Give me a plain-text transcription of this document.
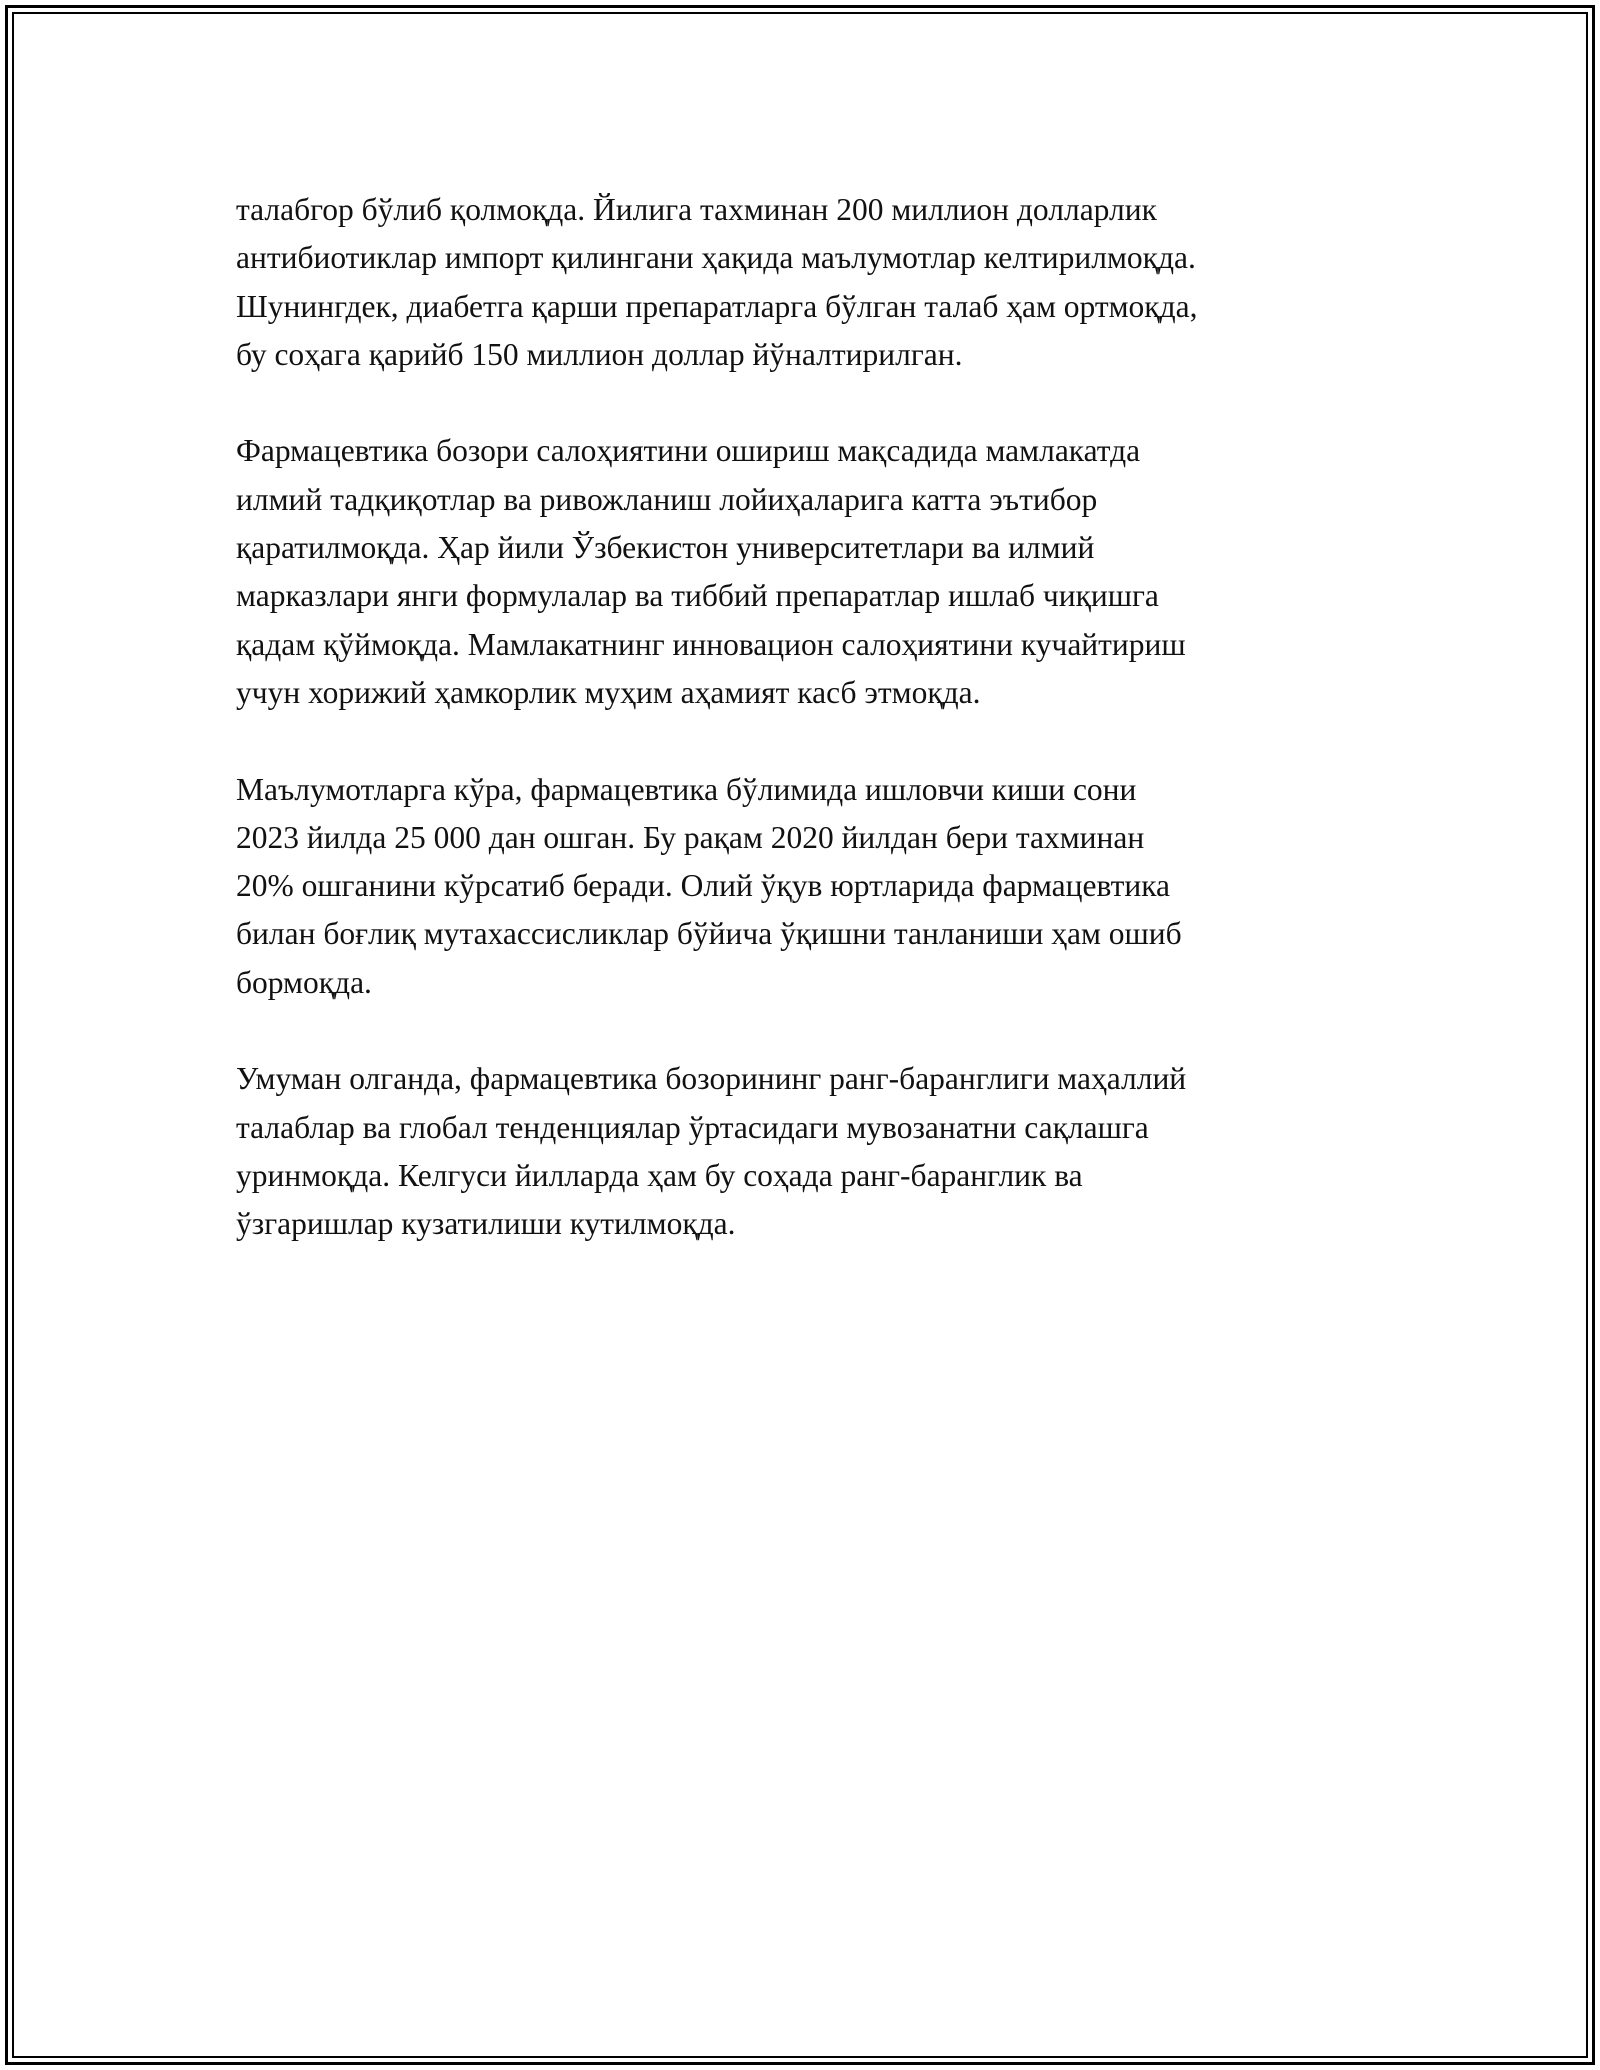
талабгор бўлиб қолмоқда. Йилига тахминан 200 миллион долларлик
антибиотиклар импорт қилингани ҳақида маълумотлар келтирилмоқда.
Шунингдек, диабетга қарши препаратларга бўлган талаб ҳам ортмоқда,
бу соҳага қарийб 150 миллион доллар йўналтирилган.

Фармацевтика бозори салоҳиятини ошириш мақсадида мамлакатда
илмий тадқиқотлар ва ривожланиш лойиҳаларига катта эътибор
қаратилмоқда. Ҳар йили Ўзбекистон университетлари ва илмий
марказлари янги формулалар ва тиббий препаратлар ишлаб чиқишга
қадам қўймоқда. Мамлакатнинг инновацион салоҳиятини кучайтириш
учун хорижий ҳамкорлик муҳим аҳамият касб этмоқда.

Маълумотларга кўра, фармацевтика бўлимида ишловчи киши сони
2023 йилда 25 000 дан ошган. Бу рақам 2020 йилдан бери тахминан
20% ошганини кўрсатиб беради. Олий ўқув юртларида фармацевтика
билан боғлиқ мутахассисликлар бўйича ўқишни танланиши ҳам ошиб
бормоқда.

Умуман олганда, фармацевтика бозорининг ранг-баранглиги маҳаллий
талаблар ва глобал тенденциялар ўртасидаги мувозанатни сақлашга
уринмоқда. Келгуси йилларда ҳам бу соҳада ранг-баранглик ва
ўзгаришлар кузатилиши кутилмоқда.
